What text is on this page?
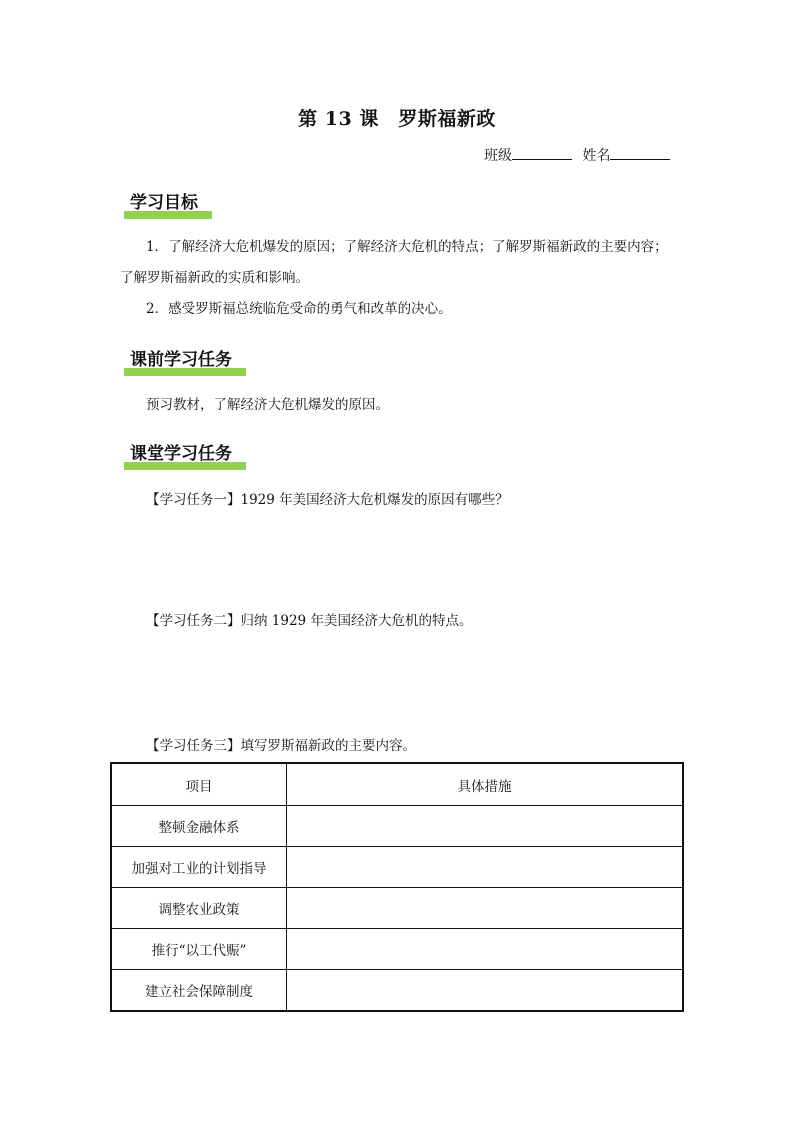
第 13 课　罗斯福新政
班级	姓名
学习目标
1．了解经济大危机爆发的原因；了解经济大危机的特点；了解罗斯福新政的主要内容；
了解罗斯福新政的实质和影响。
2．感受罗斯福总统临危受命的勇气和改革的决心。
课前学习任务
预习教材，了解经济大危机爆发的原因。
课堂学习任务
【学习任务一】1929 年美国经济大危机爆发的原因有哪些？
【学习任务二】归纳 1929 年美国经济大危机的特点。
【学习任务三】填写罗斯福新政的主要内容。
项目	具体措施
整顿金融体系	
加强对工业的计划指导	
调整农业政策	
推行“以工代赈”	
建立社会保障制度	
